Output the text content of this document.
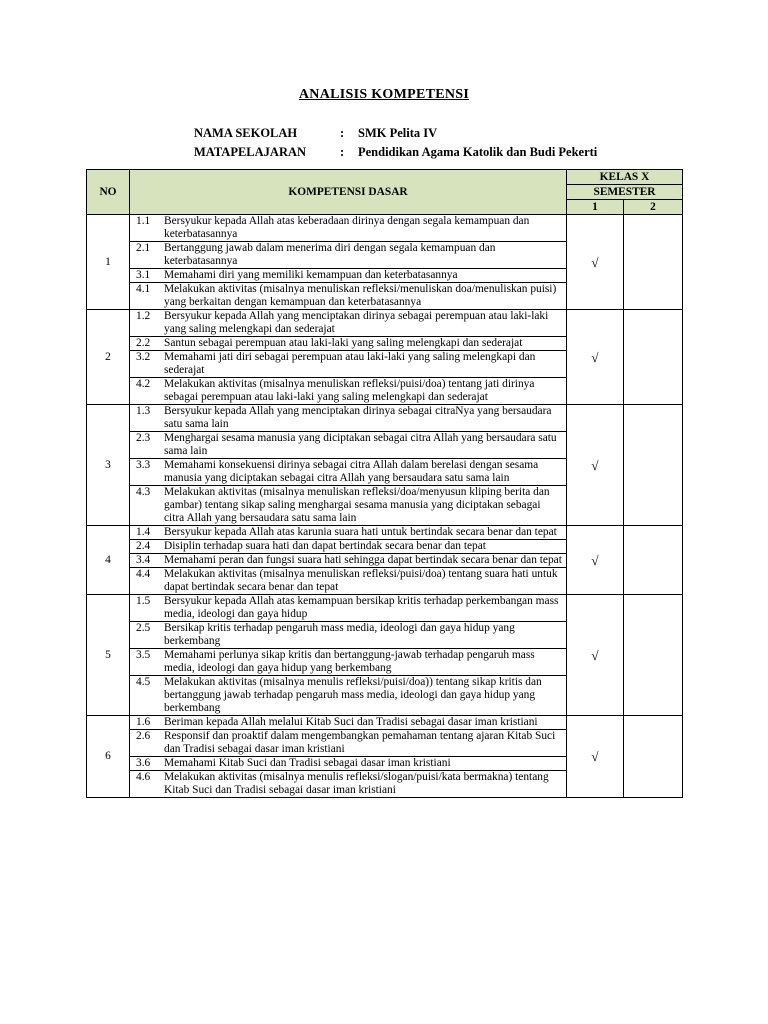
ANALISIS KOMPETENSI
NAMA SEKOLAH	: SMK Pelita IV
MATAPELAJARAN	: Pendidikan Agama Katolik dan Budi Pekerti
NO	KOMPETENSI DASAR	KELAS X	
		SEMESTER	
		1	2
1	1.1 Bersyukur kepada Allah atas keberadaan dirinya dengan segala kemampuan dan keterbatasannya	√	

	2.1 Bertanggung jawab dalam menerima diri dengan segala kemampuan dan keterbatasannya		

	3.1 Memahami diri yang memiliki kemampuan dan keterbatasannya		

	4.1 Melakukan aktivitas (misalnya menuliskan refleksi/menuliskan doa/menuliskan puisi) yang berkaitan dengan kemampuan dan keterbatasannya		

2	1.2 Bersyukur kepada Allah yang menciptakan dirinya sebagai perempuan atau laki-laki yang saling melengkapi dan sederajat	√	

	2.2 Santun sebagai perempuan atau laki-laki yang saling melengkapi dan sederajat		

	3.2 Memahami jati diri sebagai perempuan atau laki-laki yang saling melengkapi dan sederajat		

	4.2 Melakukan aktivitas (misalnya menuliskan refleksi/puisi/doa) tentang jati dirinya sebagai perempuan atau laki-laki yang saling melengkapi dan sederajat		

3	1.3 Bersyukur kepada Allah yang menciptakan dirinya sebagai citraNya yang bersaudara satu sama lain	√	

	2.3 Menghargai sesama manusia yang diciptakan sebagai citra Allah yang bersaudara satu sama lain		

	3.3 Memahami konsekuensi dirinya sebagai citra Allah dalam berelasi dengan sesama manusia yang diciptakan sebagai citra Allah yang bersaudara satu sama lain		

	4.3 Melakukan aktivitas (misalnya menuliskan refleksi/doa/menyusun kliping berita dan gambar) tentang sikap saling menghargai sesama manusia yang diciptakan sebagai citra Allah yang bersaudara satu sama lain		

4	1.4 Bersyukur kepada Allah atas karunia suara hati untuk bertindak secara benar dan tepat	√	

	2.4 Disiplin terhadap suara hati dan dapat bertindak secara benar dan tepat		

	3.4 Memahami peran dan fungsi suara hati sehingga dapat bertindak secara benar dan tepat		

	4.4 Melakukan aktivitas (misalnya menuliskan refleksi/puisi/doa) tentang suara hati untuk dapat bertindak secara benar dan tepat		

5	1.5 Bersyukur kepada Allah atas kemampuan bersikap kritis terhadap perkembangan mass media, ideologi dan gaya hidup	√	

	2.5 Bersikap kritis terhadap pengaruh mass media, ideologi dan gaya hidup yang berkembang		

	3.5 Memahami perlunya sikap kritis dan bertanggung-jawab terhadap pengaruh mass media, ideologi dan gaya hidup yang berkembang		

	4.5 Melakukan aktivitas (misalnya menulis refleksi/puisi/doa)) tentang sikap kritis dan bertanggung jawab terhadap pengaruh mass media, ideologi dan gaya hidup yang berkembang		

6	1.6 Beriman kepada Allah melalui Kitab Suci dan Tradisi sebagai dasar iman kristiani	√	

	2.6 Responsif dan proaktif dalam mengembangkan pemahaman tentang ajaran Kitab Suci dan Tradisi sebagai dasar iman kristiani		

	3.6 Memahami Kitab Suci dan Tradisi sebagai dasar iman kristiani		

	4.6 Melakukan aktivitas (misalnya menulis refleksi/slogan/puisi/kata bermakna) tentang Kitab Suci dan Tradisi sebagai dasar iman kristiani		
